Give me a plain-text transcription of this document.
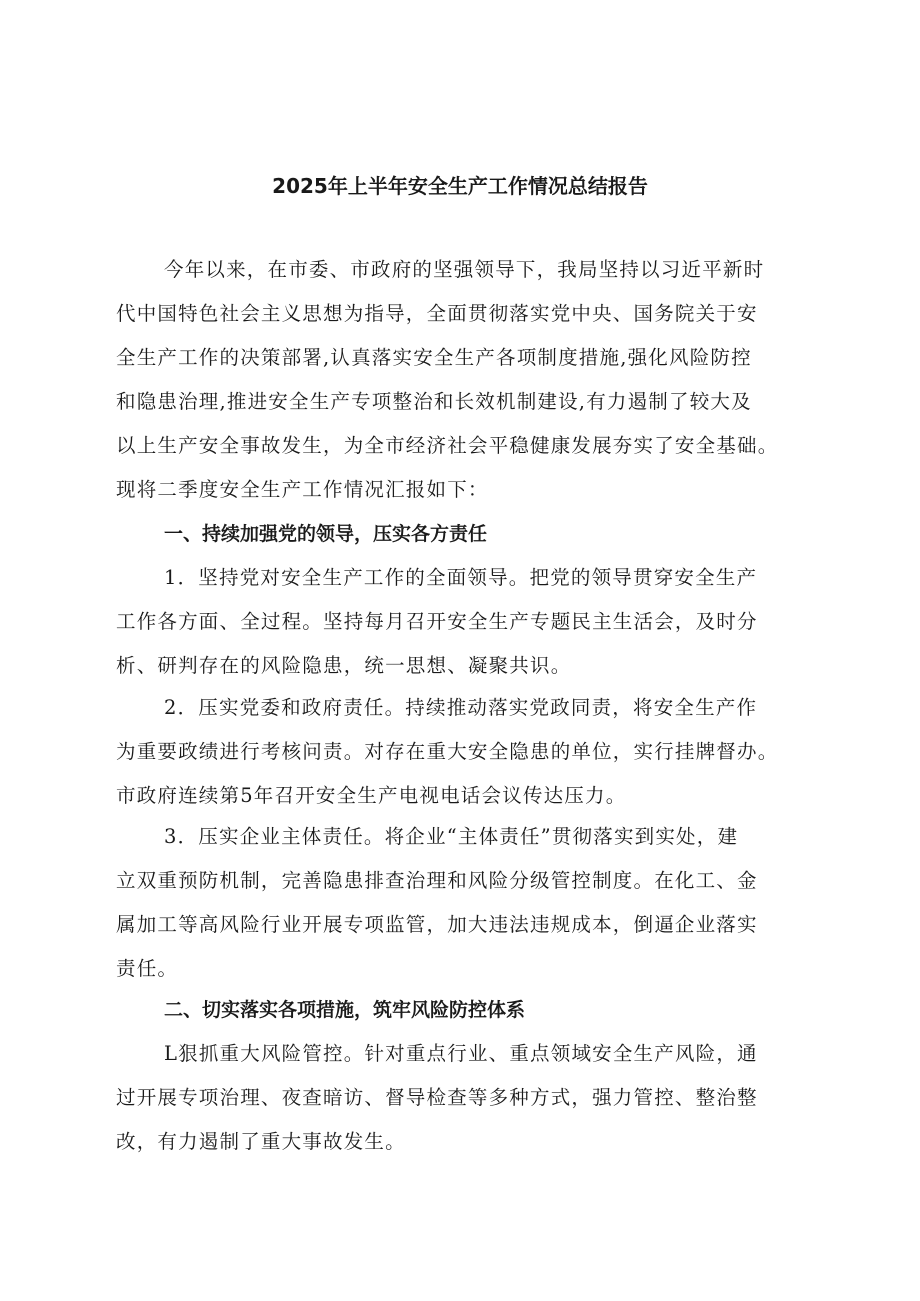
2025年上半年安全生产工作情况总结报告
今年以来，在市委、市政府的坚强领导下，我局坚持以习近平新时
代中国特色社会主义思想为指导，全面贯彻落实党中央、国务院关于安
全生产工作的决策部署,认真落实安全生产各项制度措施,强化风险防控
和隐患治理,推进安全生产专项整治和长效机制建设,有力遏制了较大及
以上生产安全事故发生，为全市经济社会平稳健康发展夯实了安全基础。
现将二季度安全生产工作情况汇报如下：
一、持续加强党的领导，压实各方责任
1．坚持党对安全生产工作的全面领导。把党的领导贯穿安全生产
工作各方面、全过程。坚持每月召开安全生产专题民主生活会，及时分
析、研判存在的风险隐患，统一思想、凝聚共识。
2．压实党委和政府责任。持续推动落实党政同责，将安全生产作
为重要政绩进行考核问责。对存在重大安全隐患的单位，实行挂牌督办。
市政府连续第5年召开安全生产电视电话会议传达压力。
3．压实企业主体责任。将企业“主体责任”贯彻落实到实处，建
立双重预防机制，完善隐患排查治理和风险分级管控制度。在化工、金
属加工等高风险行业开展专项监管，加大违法违规成本，倒逼企业落实
责任。
二、切实落实各项措施，筑牢风险防控体系
L狠抓重大风险管控。针对重点行业、重点领域安全生产风险，通
过开展专项治理、夜查暗访、督导检查等多种方式，强力管控、整治整
改，有力遏制了重大事故发生。
